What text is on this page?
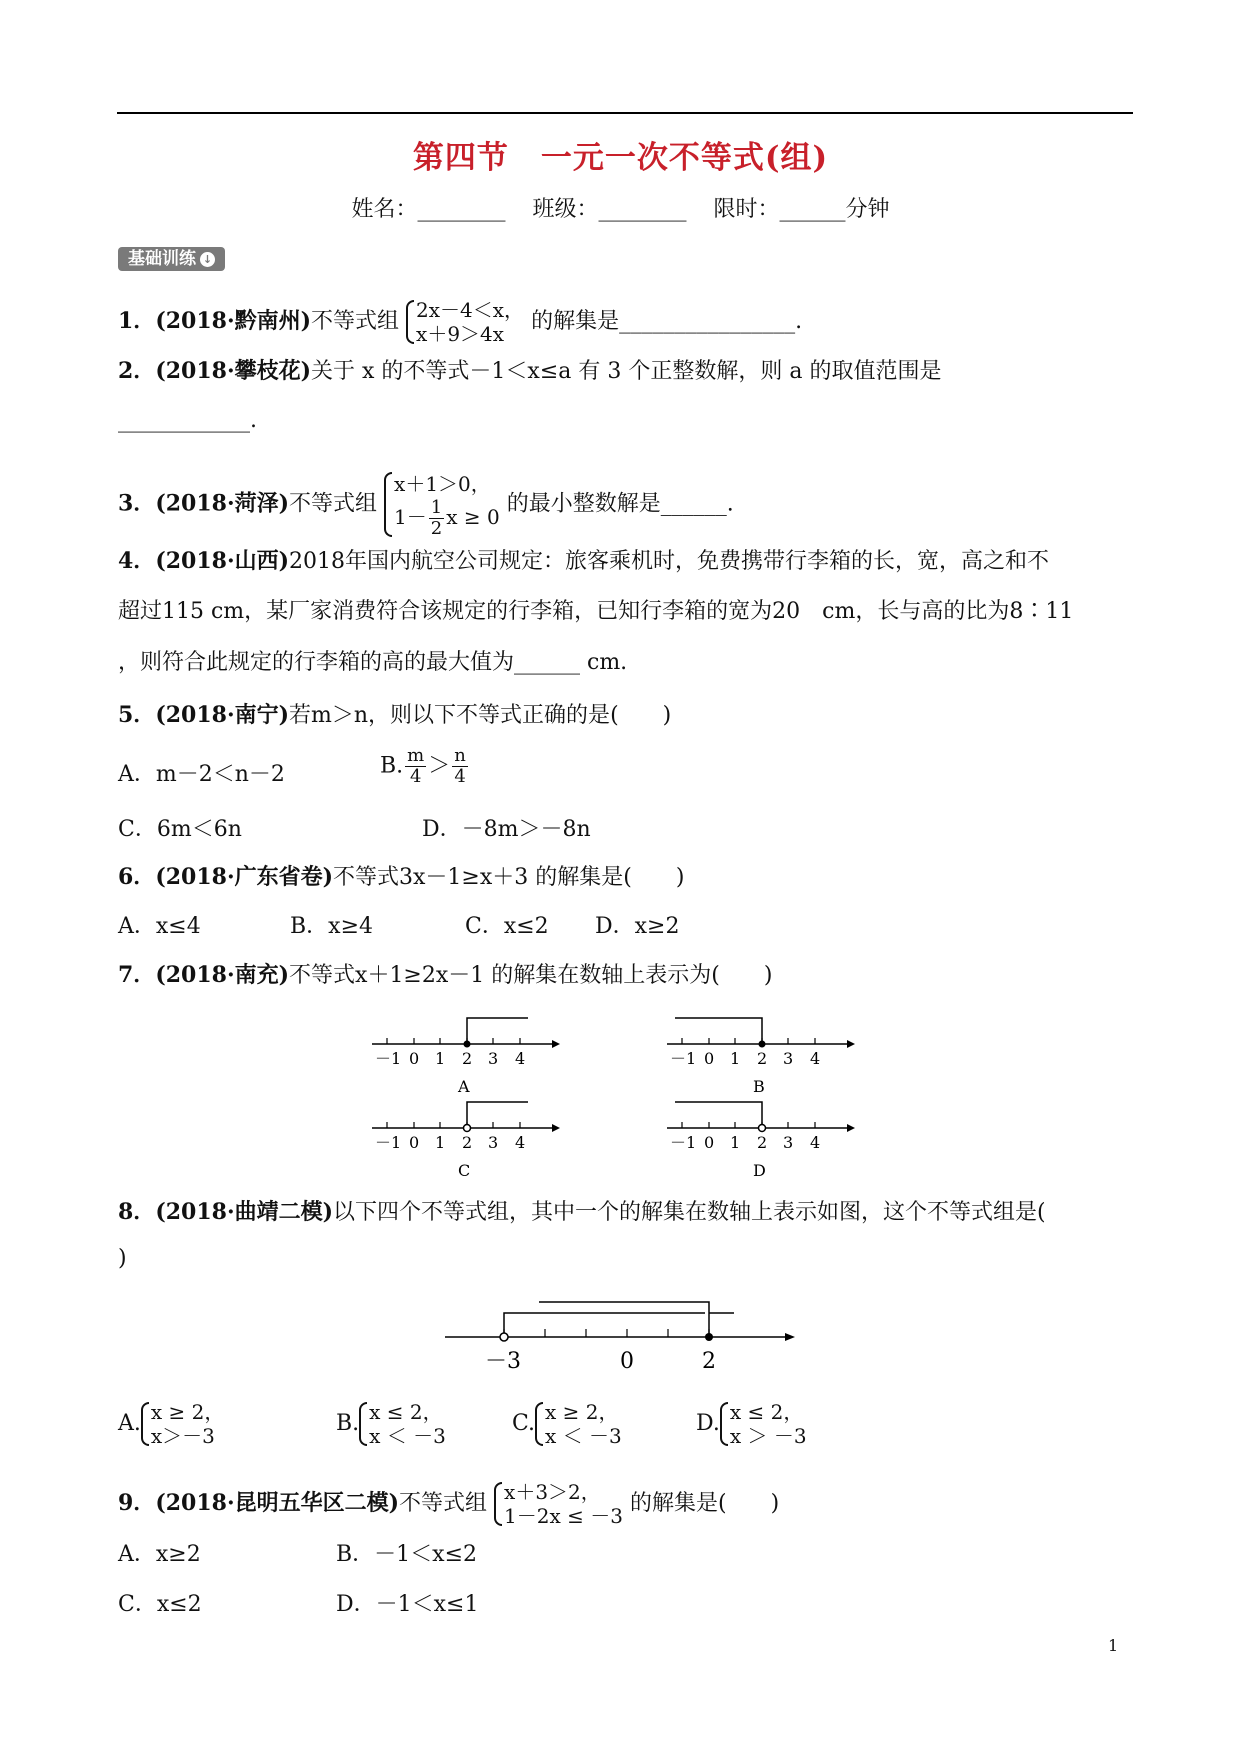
第四节　一元一次不等式(组)
姓名：________ 班级：________ 限时：______分钟
基础训练 ↓
1．(2018·黔南州)不等式组 2x－4＜x，
x＋9＞4x	的解集是________________.
2．(2018·攀枝花)关于 x 的不等式－1＜x≤a 有 3 个正整数解，则 a 的取值范围是
____________.
3．(2018·菏泽)不等式组
x＋1＞0，
$1- \frac{1}{2}$ x ≥ 0
的最小整数解是______.
4．(2018·山西)2018年国内航空公司规定：旅客乘机时，免费携带行李箱的长，宽，高之和不
超过115 cm，某厂家消费符合该规定的行李箱，已知行李箱的宽为20　cm，长与高的比为8∶11
，则符合此规定的行李箱的高的最大值为______ cm.
5．(2018·南宁)若m＞n，则以下不等式正确的是(　　)
A．m－2＜n－2	B. $\frac{m}{4} > \frac{n}{4}$
C．6m＜6n	D．－8m＞－8n
6．(2018·广东省卷)不等式3x－1≥x＋3 的解集是(　　)
A．x≤4	B．x≥4	C．x≤2 D．x≥2
7．(2018·南充)不等式x＋1≥2x－1 的解集在数轴上表示为(　　)
－1 0 1 2 3 4
A
－1 0 1 2 3 4
B
－1 0 1 2 3 4
C
－1 0 1 2 3 4
D
8．(2018·曲靖二模)以下四个不等式组，其中一个的解集在数轴上表示如图，这个不等式组是(
)
－3	0	2
A. x ≥ 2，
x＞－3	B. x ≤ 2，
x ＜ －3	C. x ≥ 2，
x ＜ －3	D. x ≤ 2，
x ＞ －3
9．(2018·昆明五华区二模)不等式组 x＋3＞2，
1－2x ≤ －3 的解集是(　　)
A．x≥2	B．－1＜x≤2
C．x≤2	D．－1＜x≤1
1
